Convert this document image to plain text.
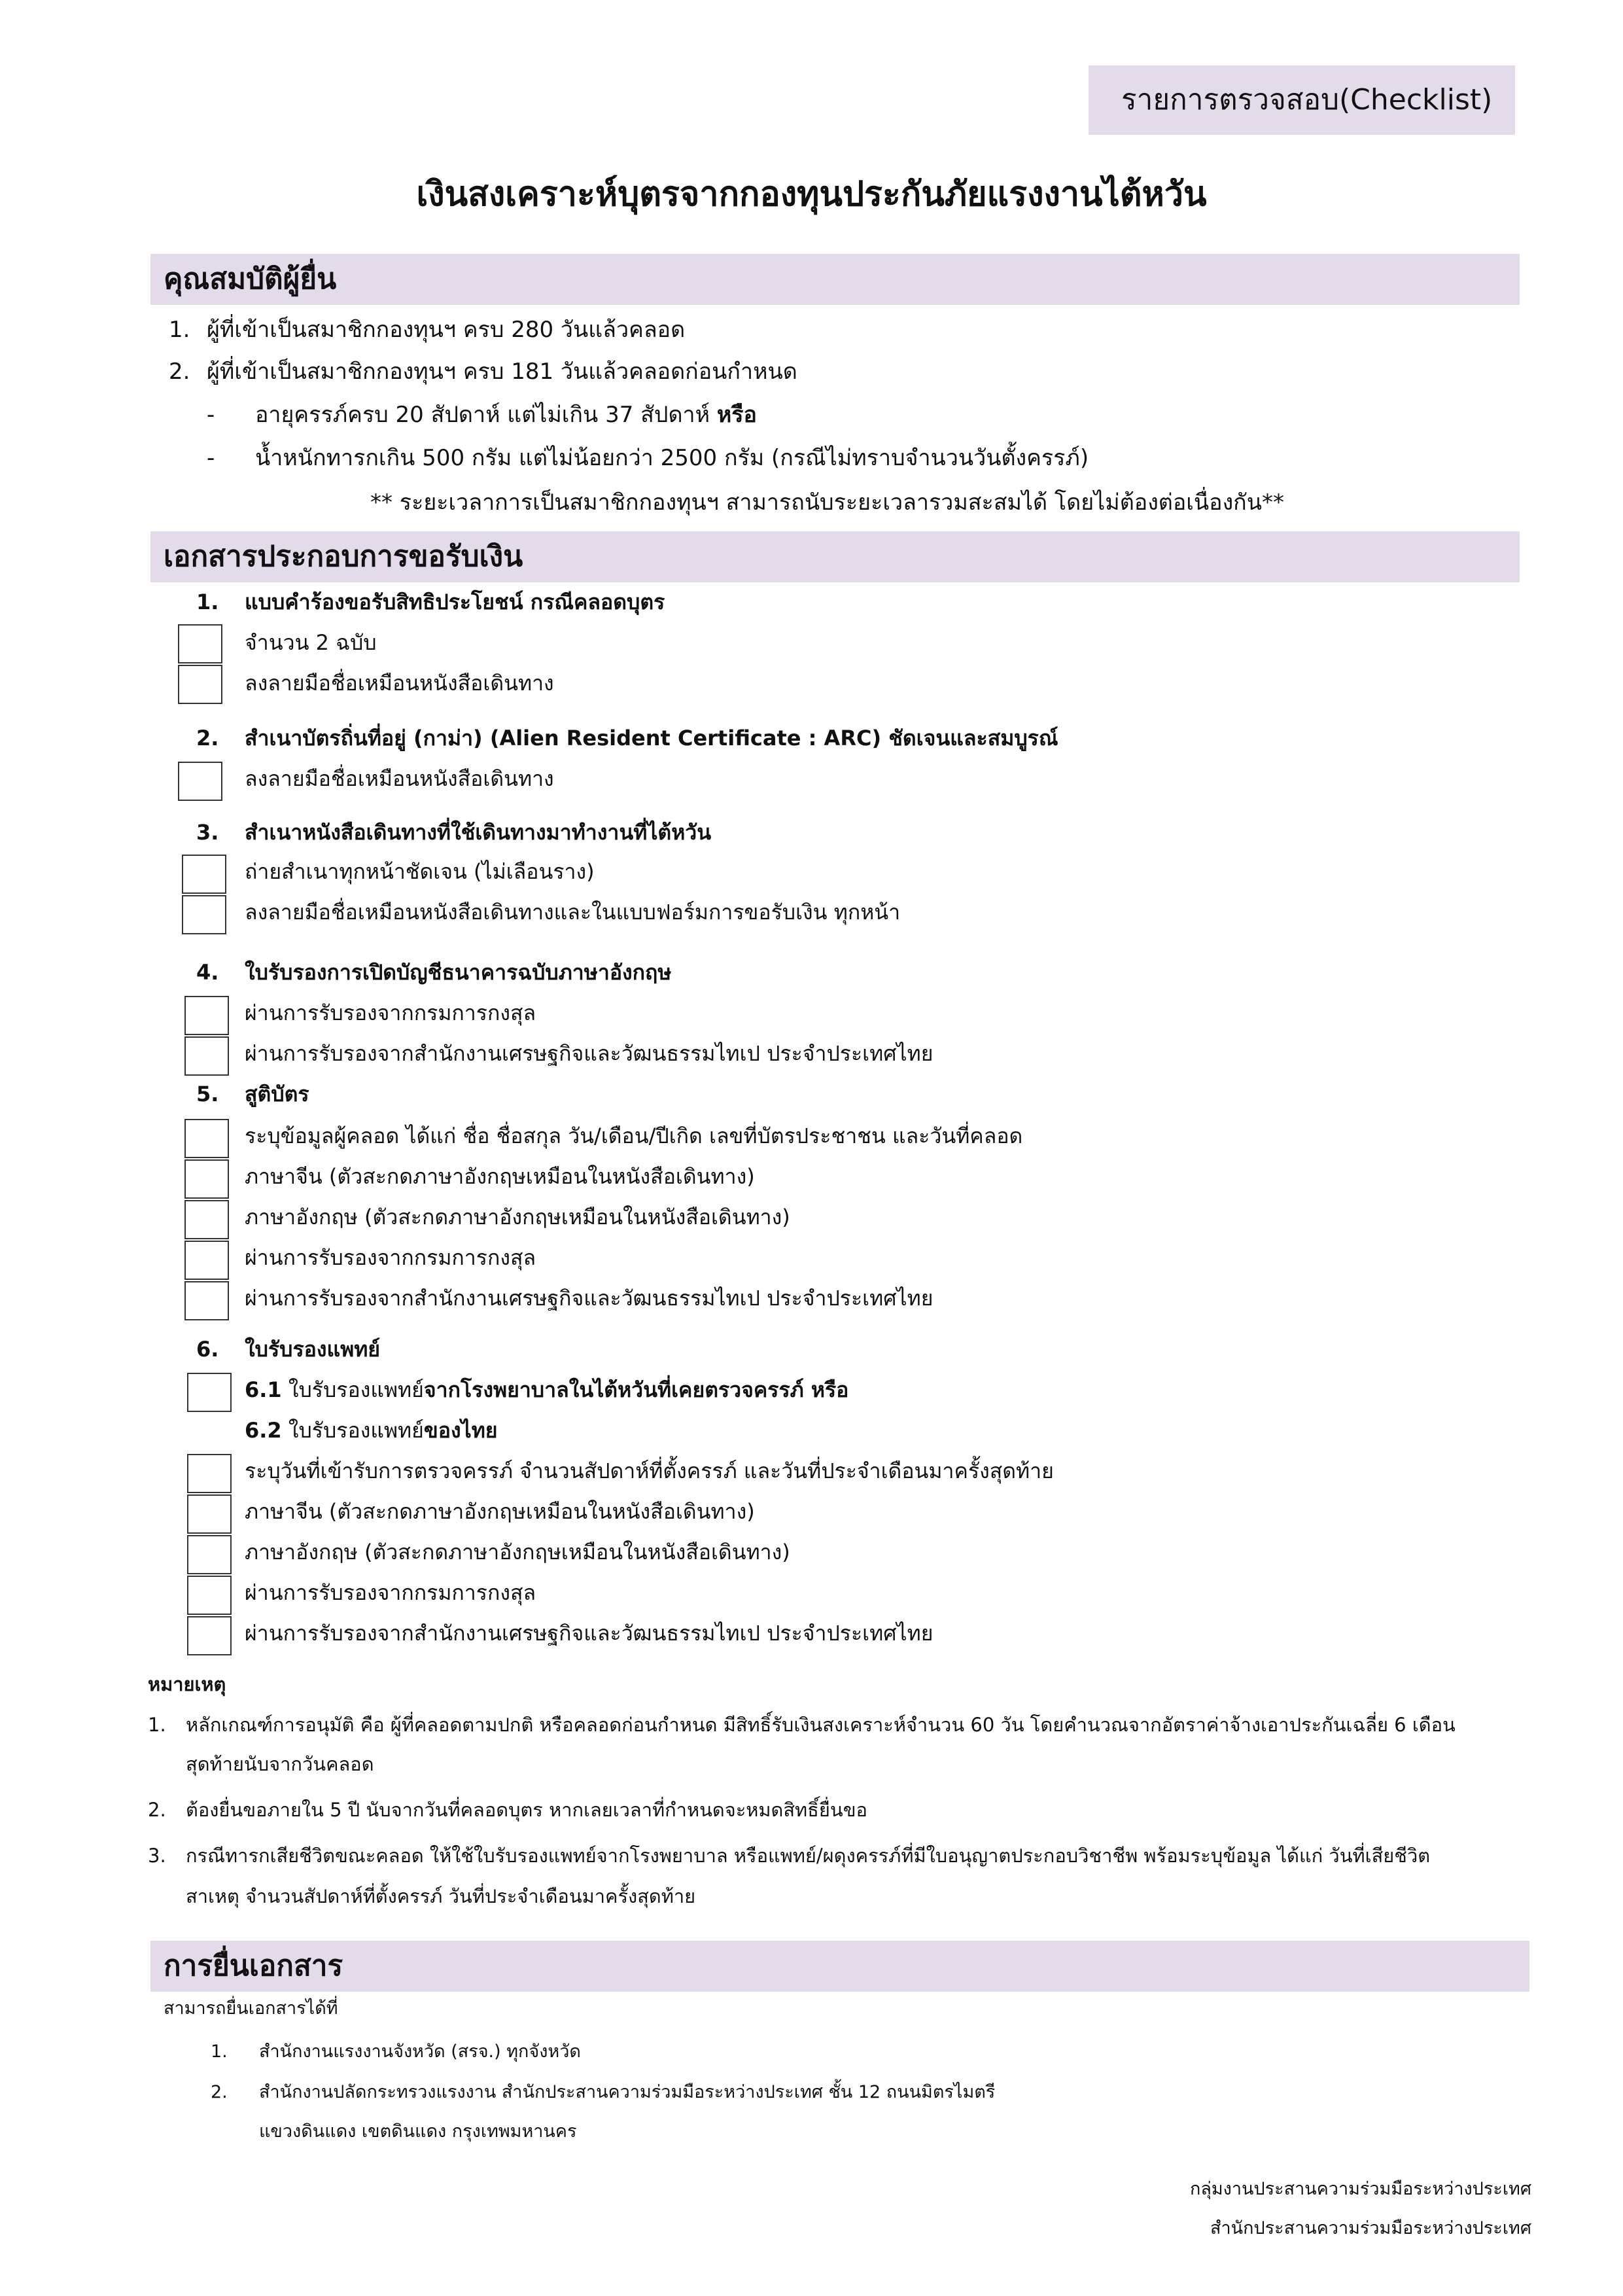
รายการตรวจสอบ(Checklist)
เงินสงเคราะห์บุตรจากกองทุนประกันภัยแรงงานไต้หวัน
คุณสมบัติผู้ยื่น
1. ผู้ที่เข้าเป็นสมาชิกกองทุนฯ ครบ 280 วันแล้วคลอด
2. ผู้ที่เข้าเป็นสมาชิกกองทุนฯ ครบ 181 วันแล้วคลอดก่อนกำหนด
- อายุครรภ์ครบ 20 สัปดาห์ แต่ไม่เกิน 37 สัปดาห์ หรือ
- น้ำหนักทารกเกิน 500 กรัม แต่ไม่น้อยกว่า 2500 กรัม (กรณีไม่ทราบจำนวนวันตั้งครรภ์)
** ระยะเวลาการเป็นสมาชิกกองทุนฯ สามารถนับระยะเวลารวมสะสมได้ โดยไม่ต้องต่อเนื่องกัน**
เอกสารประกอบการขอรับเงิน
1. แบบคำร้องขอรับสิทธิประโยชน์ กรณีคลอดบุตร
จำนวน 2 ฉบับ
ลงลายมือชื่อเหมือนหนังสือเดินทาง
2. สำเนาบัตรถิ่นที่อยู่ (กาม่า) (Alien Resident Certificate : ARC) ชัดเจนและสมบูรณ์
ลงลายมือชื่อเหมือนหนังสือเดินทาง
3. สำเนาหนังสือเดินทางที่ใช้เดินทางมาทำงานที่ไต้หวัน
ถ่ายสำเนาทุกหน้าชัดเจน (ไม่เลือนราง)
ลงลายมือชื่อเหมือนหนังสือเดินทางและในแบบฟอร์มการขอรับเงิน ทุกหน้า
4. ใบรับรองการเปิดบัญชีธนาคารฉบับภาษาอังกฤษ
ผ่านการรับรองจากกรมการกงสุล
ผ่านการรับรองจากสำนักงานเศรษฐกิจและวัฒนธรรมไทเป ประจำประเทศไทย
5. สูติบัตร
ระบุข้อมูลผู้คลอด ได้แก่ ชื่อ ชื่อสกุล วัน/เดือน/ปีเกิด เลขที่บัตรประชาชน และวันที่คลอด
ภาษาจีน (ตัวสะกดภาษาอังกฤษเหมือนในหนังสือเดินทาง)
ภาษาอังกฤษ (ตัวสะกดภาษาอังกฤษเหมือนในหนังสือเดินทาง)
ผ่านการรับรองจากกรมการกงสุล
ผ่านการรับรองจากสำนักงานเศรษฐกิจและวัฒนธรรมไทเป ประจำประเทศไทย
6. ใบรับรองแพทย์
6.1 ใบรับรองแพทย์จากโรงพยาบาลในไต้หวันที่เคยตรวจครรภ์ หรือ
6.2 ใบรับรองแพทย์ของไทย
ระบุวันที่เข้ารับการตรวจครรภ์ จำนวนสัปดาห์ที่ตั้งครรภ์ และวันที่ประจำเดือนมาครั้งสุดท้าย
ภาษาจีน (ตัวสะกดภาษาอังกฤษเหมือนในหนังสือเดินทาง)
ภาษาอังกฤษ (ตัวสะกดภาษาอังกฤษเหมือนในหนังสือเดินทาง)
ผ่านการรับรองจากกรมการกงสุล
ผ่านการรับรองจากสำนักงานเศรษฐกิจและวัฒนธรรมไทเป ประจำประเทศไทย
หมายเหตุ
1. หลักเกณฑ์การอนุมัติ คือ ผู้ที่คลอดตามปกติ หรือคลอดก่อนกำหนด มีสิทธิ์รับเงินสงเคราะห์จำนวน 60 วัน โดยคำนวณจากอัตราค่าจ้างเอาประกันเฉลี่ย 6 เดือน
สุดท้ายนับจากวันคลอด
2. ต้องยื่นขอภายใน 5 ปี นับจากวันที่คลอดบุตร หากเลยเวลาที่กำหนดจะหมดสิทธิ์ยื่นขอ
3. กรณีทารกเสียชีวิตขณะคลอด ให้ใช้ใบรับรองแพทย์จากโรงพยาบาล หรือแพทย์/ผดุงครรภ์ที่มีใบอนุญาตประกอบวิชาชีพ พร้อมระบุข้อมูล ได้แก่ วันที่เสียชีวิต
สาเหตุ จำนวนสัปดาห์ที่ตั้งครรภ์ วันที่ประจำเดือนมาครั้งสุดท้าย
การยื่นเอกสาร
สามารถยื่นเอกสารได้ที่
1. สำนักงานแรงงานจังหวัด (สรจ.) ทุกจังหวัด
2. สำนักงานปลัดกระทรวงแรงงาน สำนักประสานความร่วมมือระหว่างประเทศ ชั้น 12 ถนนมิตรไมตรี
แขวงดินแดง เขตดินแดง กรุงเทพมหานคร
กลุ่มงานประสานความร่วมมือระหว่างประเทศ
สำนักประสานความร่วมมือระหว่างประเทศ
